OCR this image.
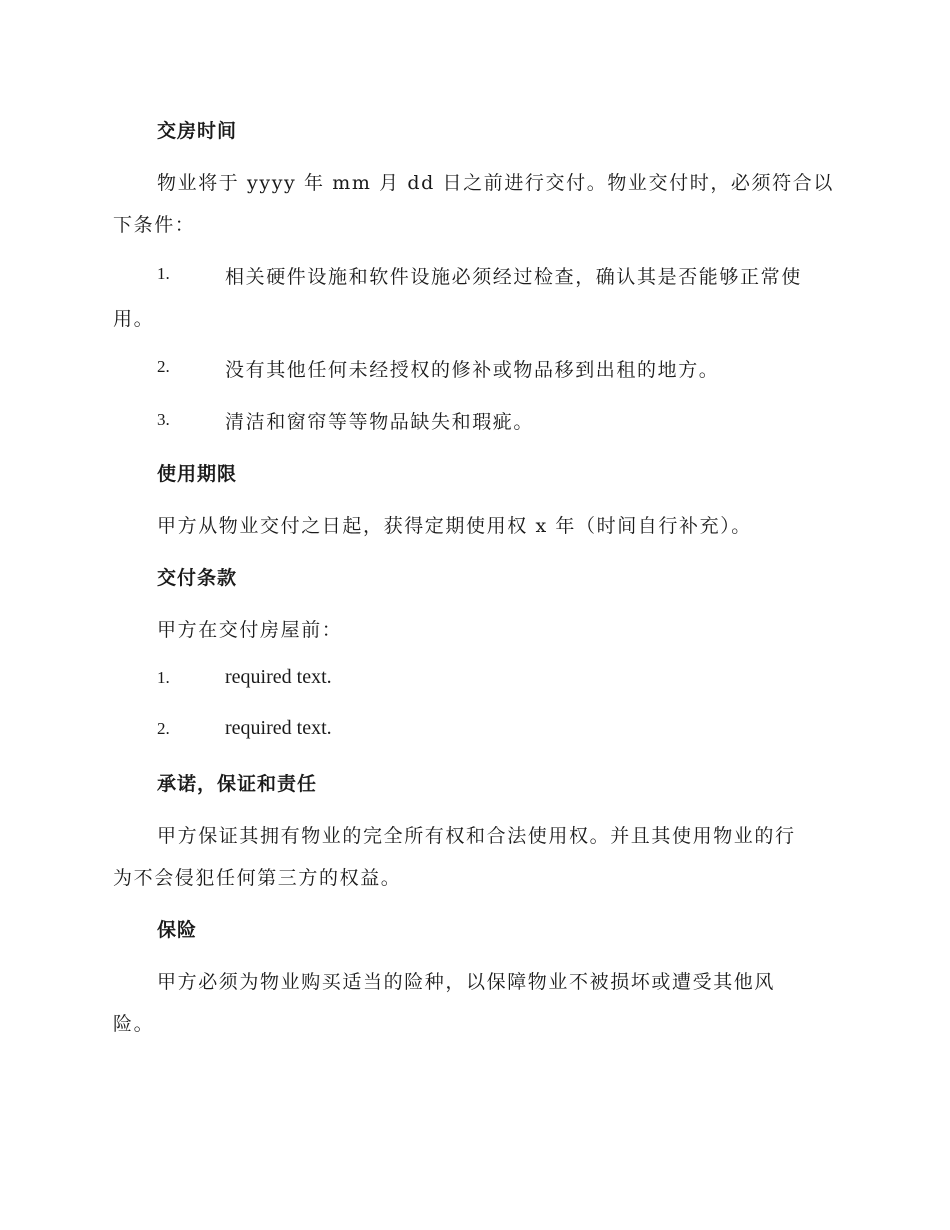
交房时间
物业将于 yyyy 年 mm 月 dd 日之前进行交付。物业交付时，必须符合以
下条件：
1.	相关硬件设施和软件设施必须经过检查，确认其是否能够正常使
用。
2.	没有其他任何未经授权的修补或物品移到出租的地方。
3.	清洁和窗帘等等物品缺失和瑕疵。
使用期限
甲方从物业交付之日起，获得定期使用权 x 年（时间自行补充）。
交付条款
甲方在交付房屋前：
1.	required text.
2.	required text.
承诺，保证和责任
甲方保证其拥有物业的完全所有权和合法使用权。并且其使用物业的行
为不会侵犯任何第三方的权益。
保险
甲方必须为物业购买适当的险种，以保障物业不被损坏或遭受其他风
险。
